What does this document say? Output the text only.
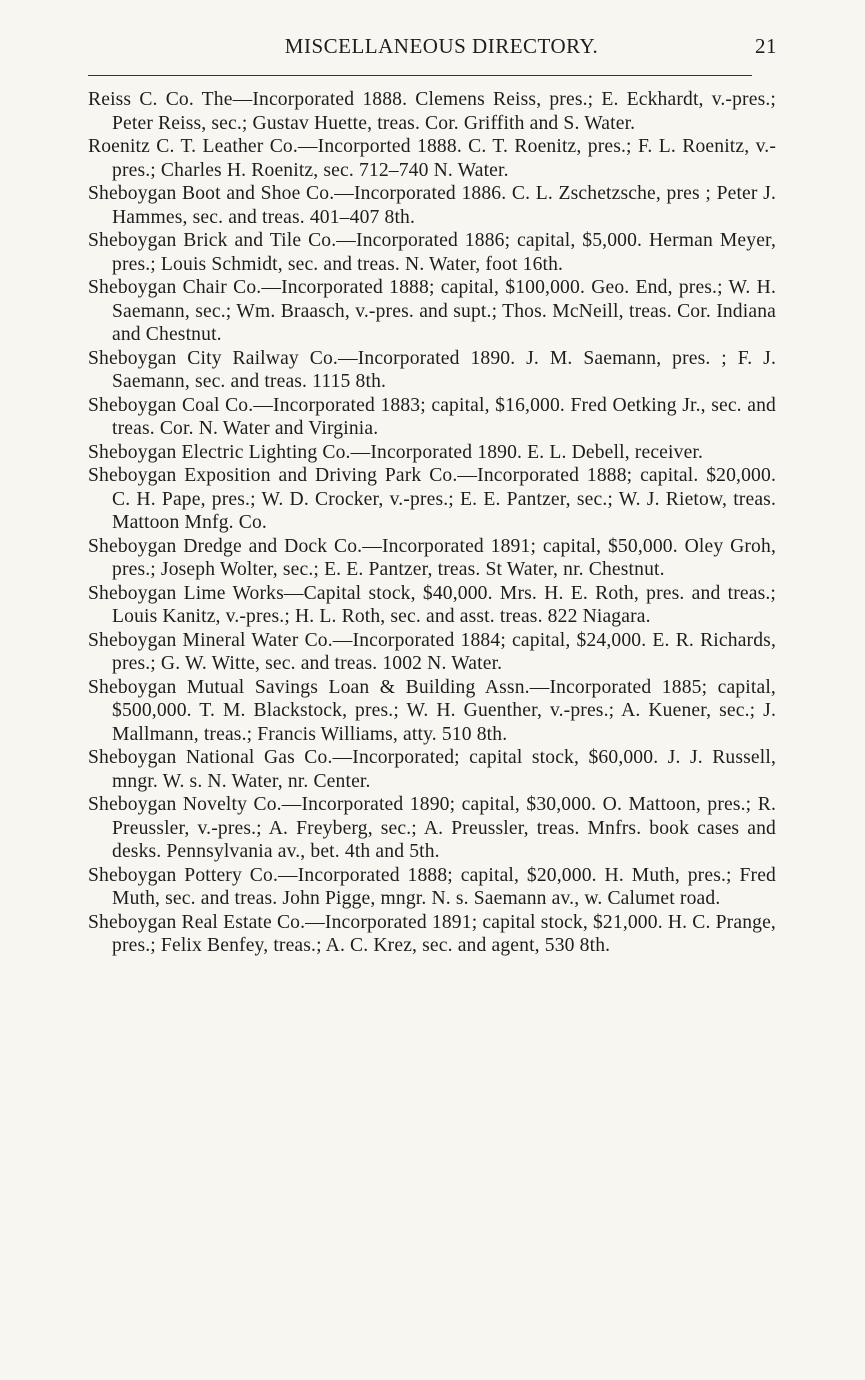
MISCELLANEOUS DIRECTORY.	21

Reiss C. Co. The—Incorporated 1888. Clemens Reiss, pres.; E. Eckhardt, v.-pres.; Peter Reiss, sec.; Gustav Huette, treas. Cor. Griffith and S. Water.

Roenitz C. T. Leather Co.—Incorported 1888. C. T. Roenitz, pres.; F. L. Roenitz, v.-pres.; Charles H. Roenitz, sec. 712–740 N. Water.

Sheboygan Boot and Shoe Co.—Incorporated 1886. C. L. Zschetzsche, pres ; Peter J. Hammes, sec. and treas. 401–407 8th.

Sheboygan Brick and Tile Co.—Incorporated 1886; capital, $5,000. Herman Meyer, pres.; Louis Schmidt, sec. and treas. N. Water, foot 16th.

Sheboygan Chair Co.—Incorporated 1888; capital, $100,000. Geo. End, pres.; W. H. Saemann, sec.; Wm. Braasch, v.-pres. and supt.; Thos. McNeill, treas. Cor. Indiana and Chestnut.

Sheboygan City Railway Co.—Incorporated 1890. J. M. Saemann, pres. ; F. J. Saemann, sec. and treas. 1115 8th.

Sheboygan Coal Co.—Incorporated 1883; capital, $16,000. Fred Oetking Jr., sec. and treas. Cor. N. Water and Virginia.

Sheboygan Electric Lighting Co.—Incorporated 1890. E. L. Debell, receiver.

Sheboygan Exposition and Driving Park Co.—Incorporated 1888; capital. $20,000. C. H. Pape, pres.; W. D. Crocker, v.-pres.; E. E. Pantzer, sec.; W. J. Rietow, treas. Mattoon Mnfg. Co.

Sheboygan Dredge and Dock Co.—Incorporated 1891; capital, $50,000. Oley Groh, pres.; Joseph Wolter, sec.; E. E. Pantzer, treas. St Water, nr. Chestnut.

Sheboygan Lime Works—Capital stock, $40,000. Mrs. H. E. Roth, pres. and treas.; Louis Kanitz, v.-pres.; H. L. Roth, sec. and asst. treas. 822 Niagara.

Sheboygan Mineral Water Co.—Incorporated 1884; capital, $24,000. E. R. Richards, pres.; G. W. Witte, sec. and treas. 1002 N. Water.

Sheboygan Mutual Savings Loan & Building Assn.—Incorporated 1885; capital, $500,000. T. M. Blackstock, pres.; W. H. Guenther, v.-pres.; A. Kuener, sec.; J. Mallmann, treas.; Francis Williams, atty. 510 8th.

Sheboygan National Gas Co.—Incorporated; capital stock, $60,000. J. J. Russell, mngr. W. s. N. Water, nr. Center.

Sheboygan Novelty Co.—Incorporated 1890; capital, $30,000. O. Mattoon, pres.; R. Preussler, v.-pres.; A. Freyberg, sec.; A. Preussler, treas. Mnfrs. book cases and desks. Pennsylvania av., bet. 4th and 5th.

Sheboygan Pottery Co.—Incorporated 1888; capital, $20,000. H. Muth, pres.; Fred Muth, sec. and treas. John Pigge, mngr. N. s. Saemann av., w. Calumet road.

Sheboygan Real Estate Co.—Incorporated 1891; capital stock, $21,000. H. C. Prange, pres.; Felix Benfey, treas.; A. C. Krez, sec. and agent, 530 8th.
